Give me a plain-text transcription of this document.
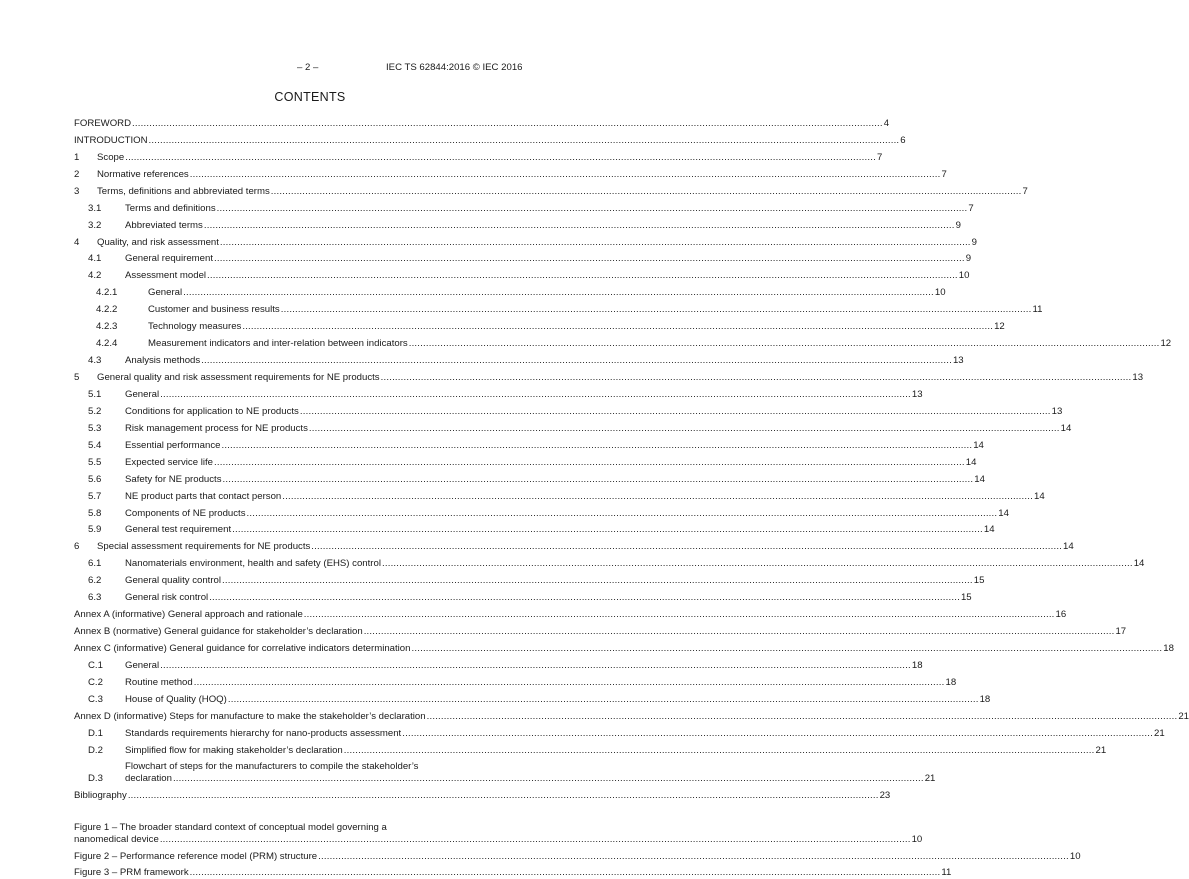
– 2 –	IEC TS 62844:2016 © IEC 2016
CONTENTS
FOREWORD .....	4
INTRODUCTION .....	6
1	Scope .....	7
2	Normative references .....	7
3	Terms, definitions and abbreviated terms .....	7
3.1	Terms and definitions .....	7
3.2	Abbreviated terms .....	9
4	Quality, and risk assessment .....	9
4.1	General requirement .....	9
4.2	Assessment model .....	10
4.2.1	General .....	10
4.2.2	Customer and business results .....	11
4.2.3	Technology measures .....	12
4.2.4	Measurement indicators and inter-relation between indicators .....	12
4.3	Analysis methods .....	13
5	General quality and risk assessment requirements for NE products .....	13
5.1	General .....	13
5.2	Conditions for application to NE products .....	13
5.3	Risk management process for NE products .....	14
5.4	Essential performance .....	14
5.5	Expected service life .....	14
5.6	Safety for NE products .....	14
5.7	NE product parts that contact person .....	14
5.8	Components of NE products .....	14
5.9	General test requirement .....	14
6	Special assessment requirements for NE products .....	14
6.1	Nanomaterials environment, health and safety (EHS) control .....	14
6.2	General quality control .....	15
6.3	General risk control .....	15
Annex A (informative) General approach and rationale .....	16
Annex B (normative) General guidance for stakeholder’s declaration .....	17
Annex C (informative) General guidance for correlative indicators determination .....	18
C.1	General .....	18
C.2	Routine method .....	18
C.3	House of Quality (HOQ) .....	18
Annex D (informative) Steps for manufacture to make the stakeholder’s declaration .....	21
D.1	Standards requirements hierarchy for nano-products assessment .....	21
D.2	Simplified flow for making stakeholder’s declaration .....	21
D.3
Flowchart of steps for the manufacturers to compile the stakeholder’s
declaration .....	21
Bibliography .....	23
Figure 1 – The broader standard context of conceptual model governing a
nanomedical device .....	10
Figure 2 – Performance reference model (PRM) structure .....	10
Figure 3 – PRM framework .....	11
